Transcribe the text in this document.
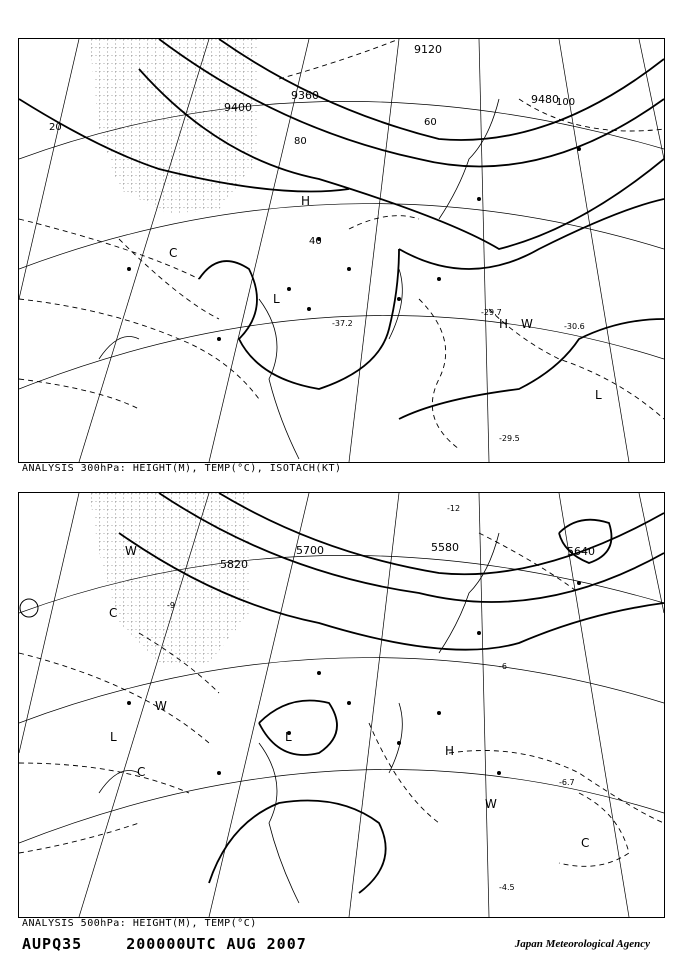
9120
9360
9400
9480
20
40
60
80
100
-29.7
-37.2
-29.5
-30.6
H
L
C
W
H
L
ANALYSIS 300hPa: HEIGHT(M), TEMP(°C), ISOTACH(KT)
5700
5820
5580	5640
-12
-6
-9
-4.5
-6.7
W
L
H
C
W
C
W
L
C
ANALYSIS 500hPa: HEIGHT(M), TEMP(°C)
AUPQ35	200000UTC AUG 2007	Japan Meteorological Agency
